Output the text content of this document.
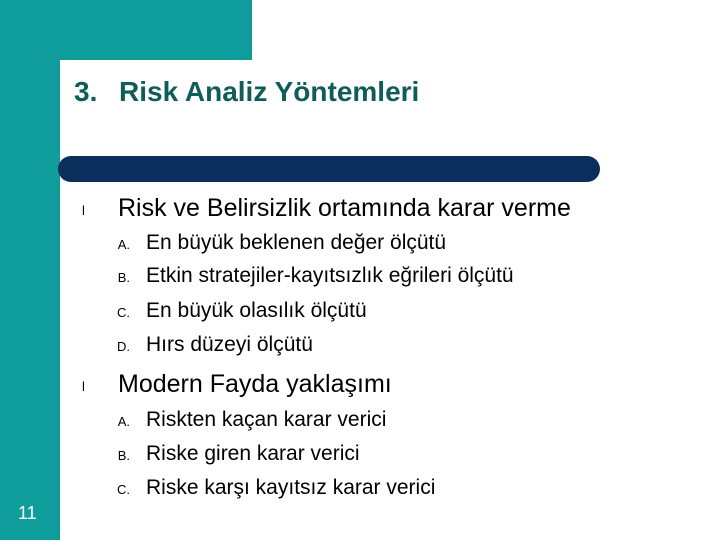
3. Risk Analiz Yöntemleri
l Risk ve Belirsizlik ortamında karar verme
A. En büyük beklenen değer ölçütü
B. Etkin stratejiler-kayıtsızlık eğrileri ölçütü
C. En büyük olasılık ölçütü
D. Hırs düzeyi ölçütü
l Modern Fayda yaklaşımı
A. Riskten kaçan karar verici
B. Riske giren karar verici
C. Riske karşı kayıtsız karar verici
11
